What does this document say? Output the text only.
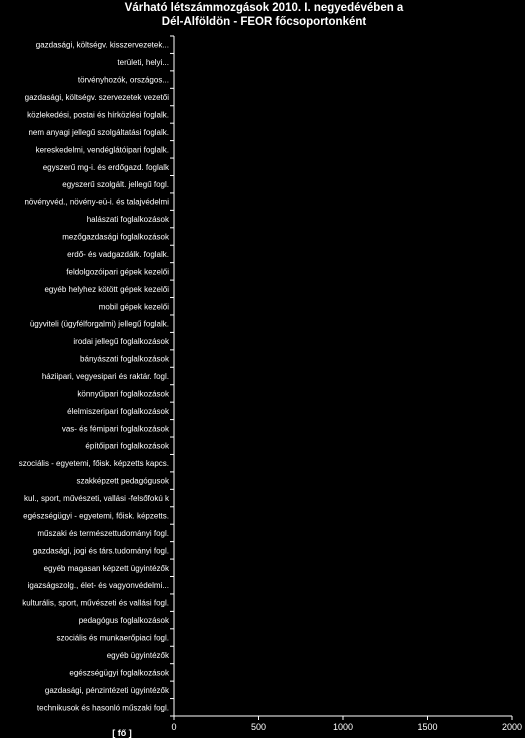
Várható létszámmozgások 2010. I. negyedévében a
Dél-Alföldön - FEOR főcsoportonként
gazdasági, költségv. kisszervezetek...
területi, helyi...
törvényhozók, országos...
gazdasági, költségv. szervezetek vezetői
közlekedési, postai és hírközlési foglalk.
nem anyagi jellegű szolgáltatási foglalk.
kereskedelmi, vendéglátóipari foglalk.
egyszerű mg-i. és erdőgazd. foglalk
egyszerű szolgált. jellegű fogl.
növényvéd., növény-eü-i. és talajvédelmi
halászati foglalkozások
mezőgazdasági foglalkozások
erdő- és vadgazdálk. foglalk.
feldolgozóipari gépek kezelői
egyéb helyhez kötött gépek kezelői
mobil gépek kezelői
ügyviteli (ügyfélforgalmi) jellegű foglalk.
irodai jellegű foglalkozások
bányászati foglalkozások
háziipari, vegyesipari és raktár. fogl.
könnyűipari foglalkozások
élelmiszeripari foglalkozások
vas- és fémipari foglalkozások
építőipari foglalkozások
szociális - egyetemi, főisk. képzetts kapcs.
szakképzett pedagógusok
kul., sport, művészeti, vallási -felsőfokú k
egészségügyi - egyetemi, főisk. képzetts.
műszaki és természettudományi fogl.
gazdasági, jogi és társ.tudományi fogl.
egyéb magasan képzett ügyintézők
igazságszolg., élet- és vagyonvédelmi...
kulturális, sport, művészeti és vallási fogl.
pedagógus foglalkozások
szociális és munkaerőpiaci fogl.
egyéb ügyintézők
egészségügyi foglalkozások
gazdasági, pénzintézeti ügyintézők
technikusok és hasonló műszaki fogl.
0	500	1000	1500	2000
[ fő ]
